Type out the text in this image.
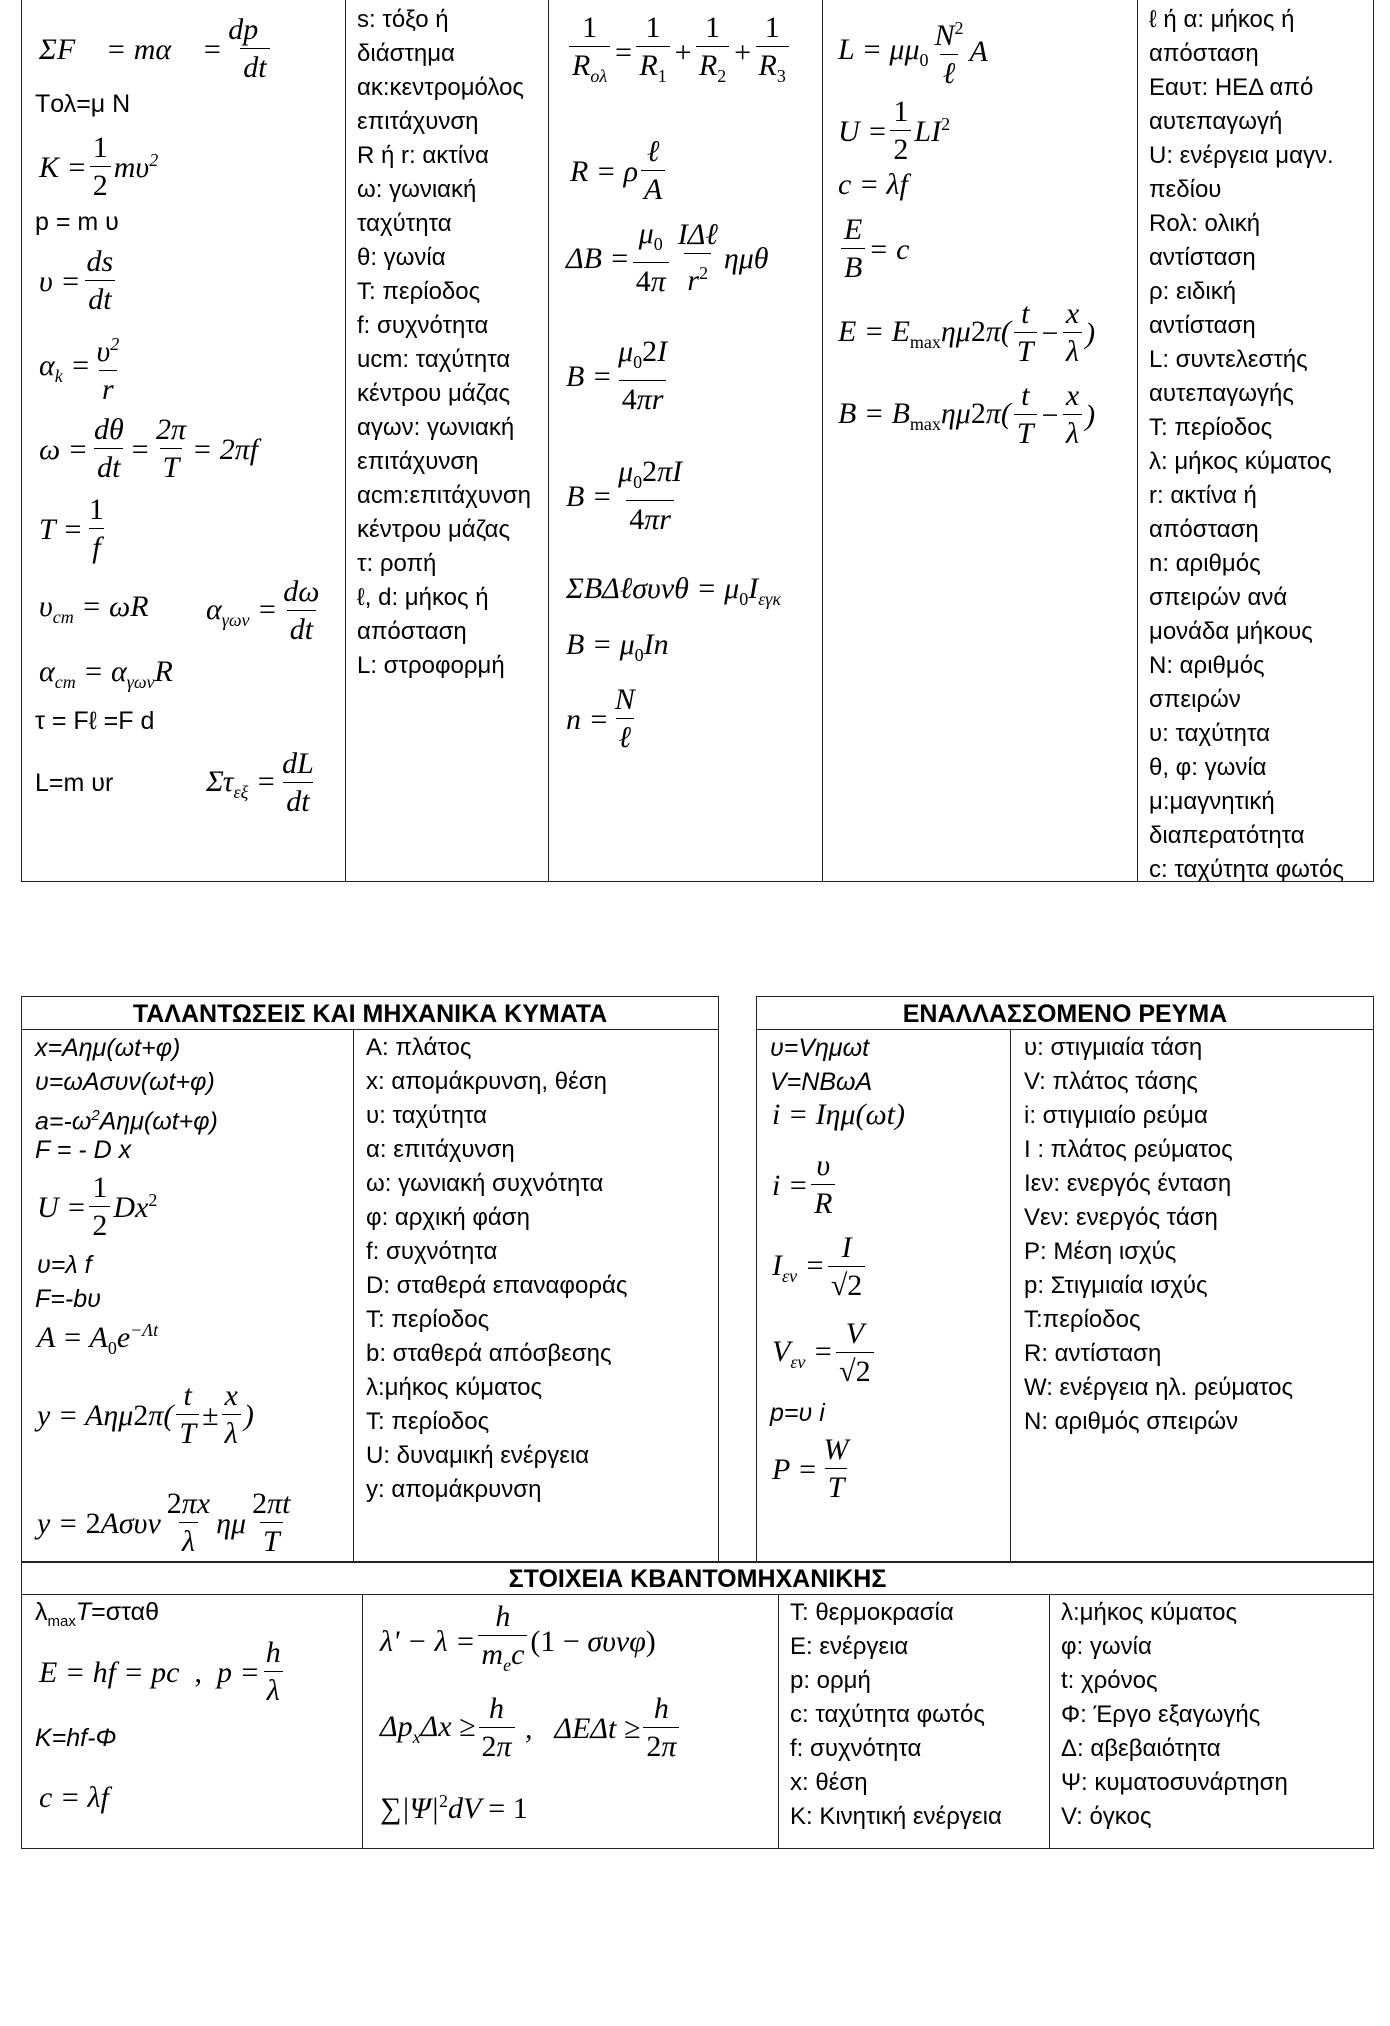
ΣF⃗ = mα⃗ = $\frac{dp⃗}{dt}$
Tολ=μ N
$K = \frac{1}{2} m\upsilon^2$
p = m υ
$\upsilon = \frac{ds}{dt}$
$\alpha_k = \frac{\upsilon^2}{r}$
$\omega = \frac{d\theta}{dt} = \frac{2\pi}{T} = 2\pi f$
$T = \frac{1}{f}$
$\upsilon_{cm} = \omega R$ $\alpha_{\gamma\omega\nu} = \frac{d\omega}{dt}$
$\alpha_{cm} = \alpha_{\gamma\omega\nu}R$
τ = Fℓ =F d
L=m υr	$\Sigma\tau_{\varepsilon\xi} = \frac{dL}{dt}$
s: τόξο ή
διάστημα
ακ:κεντρομόλος
επιτάχυνση
R ή r: ακτίνα
ω: γωνιακή
ταχύτητα
θ: γωνία
T: περίοδος
f: συχνότητα
ucm: ταχύτητα
κέντρου μάζας
αγων: γωνιακή
επιτάχυνση
αcm:επιτάχυνση
κέντρου μάζας
τ: ροπή
ℓ, d: μήκος ή
απόσταση
L: στροφορμή
$\frac{1}{R_{o\lambda}} = \frac{1}{R_1} + \frac{1}{R_2} + \frac{1}{R_3}$
R = ρ $\frac{\text{ℓ}}{A}$
$\Delta B = \frac{\mu_0}{4\pi} \frac{\text{IΔℓ}}{r^2}$ ημθ
$B = \frac{\mu_02I}{4\pi r}$
$B = \frac{\mu_02\pi I}{4\pi r}$
ΣBΔℓσυνθ = $\mu_0I_{\varepsilon\gamma\kappa}$
$B = \mu_0In$
$n = \frac{N}{\text{ℓ}}$
$L = \mu\mu_0 \frac{N^2}{\text{ℓ}}$ A
$U = \frac{1}{2} LI^2$
c = λf
$\frac{E}{B} = c$
$E = E_{max}\eta\mu 2\pi( \frac{t}{T} - \frac{x}{\lambda}$ )
$B = B_{max}\eta\mu 2\pi( \frac{t}{T} - \frac{x}{\lambda}$ )
ℓ ή α: μήκος ή
απόσταση
Eαυτ: ΗΕΔ από
αυτεπαγωγή
U: ενέργεια μαγν.
πεδίου
Rολ: ολική
αντίσταση
ρ: ειδική
αντίσταση
L: συντελεστής
αυτεπαγωγής
T: περίοδος
λ: μήκος κύματος
r: ακτίνα ή
απόσταση
n: αριθμός
σπειρών ανά
μονάδα μήκους
N: αριθμός
σπειρών
υ: ταχύτητα
θ, φ: γωνία
μ:μαγνητική
διαπερατότητα
c: ταχύτητα φωτός
ΤΑΛΑΝΤΩΣΕΙΣ ΚΑΙ ΜΗΧΑΝΙΚΑ ΚΥΜΑΤΑ
x=Aημ(ωt+φ)
υ=ωAσυν(ωt+φ)
$a=-\omega^2A\eta\mu(\omega t+\varphi)$
F = - D x
$U = \frac{1}{2} Dx^2$
υ=λ f
F=-bυ
$A = A_0e^{-\Lambda t}$
$y = A\eta\mu 2\pi( \frac{t}{T} \pm \frac{x}{\lambda}$ )
$y = 2A\sigma\upsilon\nu \frac{2\pi x}{\lambda}$ ημ $\frac{2\pi t}{T}$
A: πλάτος
x: απομάκρυνση, θέση
υ: ταχύτητα
α: επιτάχυνση
ω: γωνιακή συχνότητα
φ: αρχική φάση
f: συχνότητα
D: σταθερά επαναφοράς
T: περίοδος
b: σταθερά απόσβεσης
λ:μήκος κύματος
T: περίοδος
U: δυναμική ενέργεια
y: απομάκρυνση
ΕΝΑΛΛΑΣΣΟΜΕΝΟ ΡΕΥΜΑ
υ=Vημωt
V=NBωA
i = Iημ(ωt)
$i = \frac{\upsilon}{R}$
$I_{\varepsilon\nu} = \frac{I}{√2}$
$V_{\varepsilon\nu} = \frac{V}{√2}$
p=υ i
$P = \frac{W}{T}$
υ: στιγμιαία τάση
V: πλάτος τάσης
i: στιγμιαίο ρεύμα
I : πλάτος ρεύματος
Iεν: ενεργός ένταση
Vεν: ενεργός τάση
P: Μέση ισχύς
p: Στιγμιαία ισχύς
T:περίοδος
R: αντίσταση
W: ενέργεια ηλ. ρεύματος
N: αριθμός σπειρών
ΣΤΟΙΧΕΙΑ ΚΒΑΝΤΟΜΗΧΑΝΙΚΗΣ
$\lambda_{max}T=\sigma\tau\alpha\theta$
E = hf = pc  ,  $p = \frac{h}{\lambda}$
K=hf-Φ
c = λf
$\lambda' - \lambda = \frac{h}{m_ec} (1 - \sigma\upsilon\nu\varphi)$
$\Delta p_x\Delta x \ge \frac{h}{2\pi}$ ,   $\Delta E\Delta t \ge \frac{h}{2\pi}$
$\sum|\Psi|^2dV = 1$
T: θερμοκρασία
E: ενέργεια
p: ορμή
c: ταχύτητα φωτός
f: συχνότητα
x: θέση
K: Κινητική ενέργεια
λ:μήκος κύματος
φ: γωνία
t: χρόνος
Φ: Έργο εξαγωγής
Δ: αβεβαιότητα
Ψ: κυματοσυνάρτηση
V: όγκος
